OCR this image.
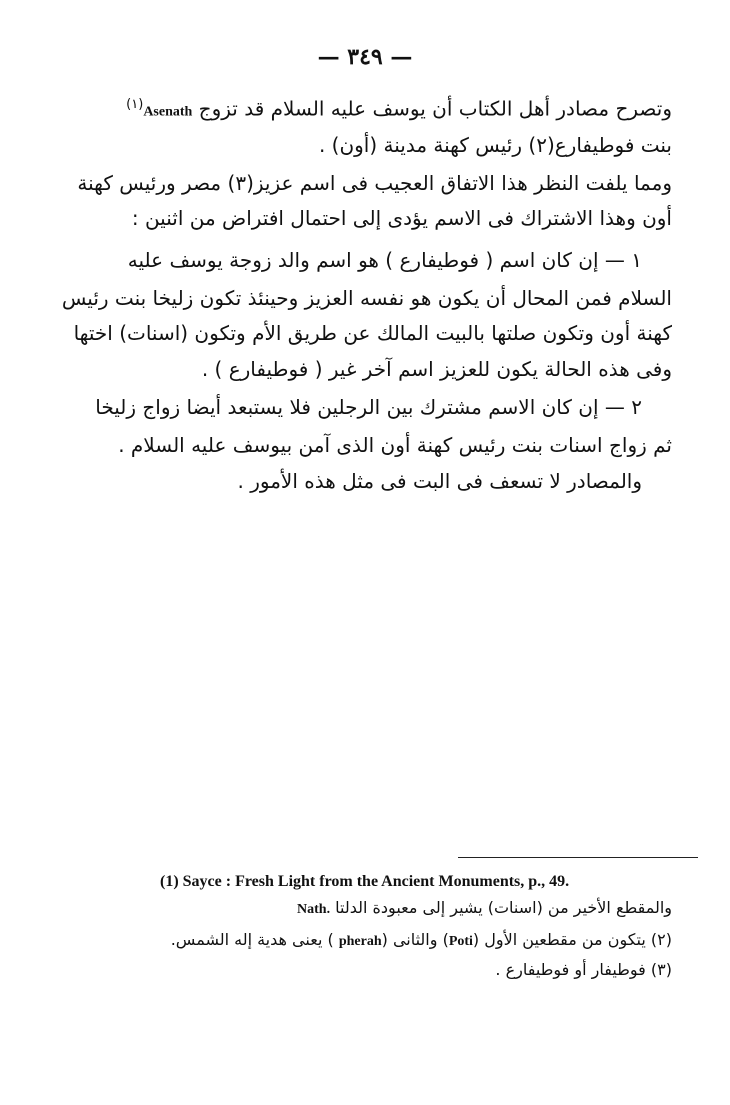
— ٣٤٩ —
وتصرح مصادر أهل الكتاب أن يوسف عليه السلام قد تزوج Asenath$^{(١)}$
بنت فوطيفارع(٢) رئيس كهنة مدينة (أون) .
ومما يلفت النظر هذا الاتفاق العجيب فى اسم عزيز(٣) مصر ورئيس كهنة
أون وهذا الاشتراك فى الاسم يؤدى إلى احتمال افتراض من اثنين :
١ — إن كان اسم ( فوطيفارع ) هو اسم والد زوجة يوسف عليه
السلام فمن المحال أن يكون هو نفسه العزيز وحينئذ تكون زليخا بنت رئيس
كهنة أون وتكون صلتها بالبيت المالك عن طريق الأم وتكون (اسنات) اختها
وفى هذه الحالة يكون للعزيز اسم آخر غير ( فوطيفارع ) .
٢ — إن كان الاسم مشترك بين الرجلين فلا يستبعد أيضا زواج زليخا
ثم زواج اسنات بنت رئيس كهنة أون الذى آمن بيوسف عليه السلام .
والمصادر لا تسعف فى البت فى مثل هذه الأمور .
(1) Sayce : Fresh Light from the Ancient Monuments, p., 49.
والمقطع الأخير من (اسنات) يشير إلى معبودة الدلتا Nath.
(٢) يتكون من مقطعين الأول (Poti) والثانى (pherah ) يعنى هدية إله الشمس.
(٣) فوطيفار أو فوطيفارع .
